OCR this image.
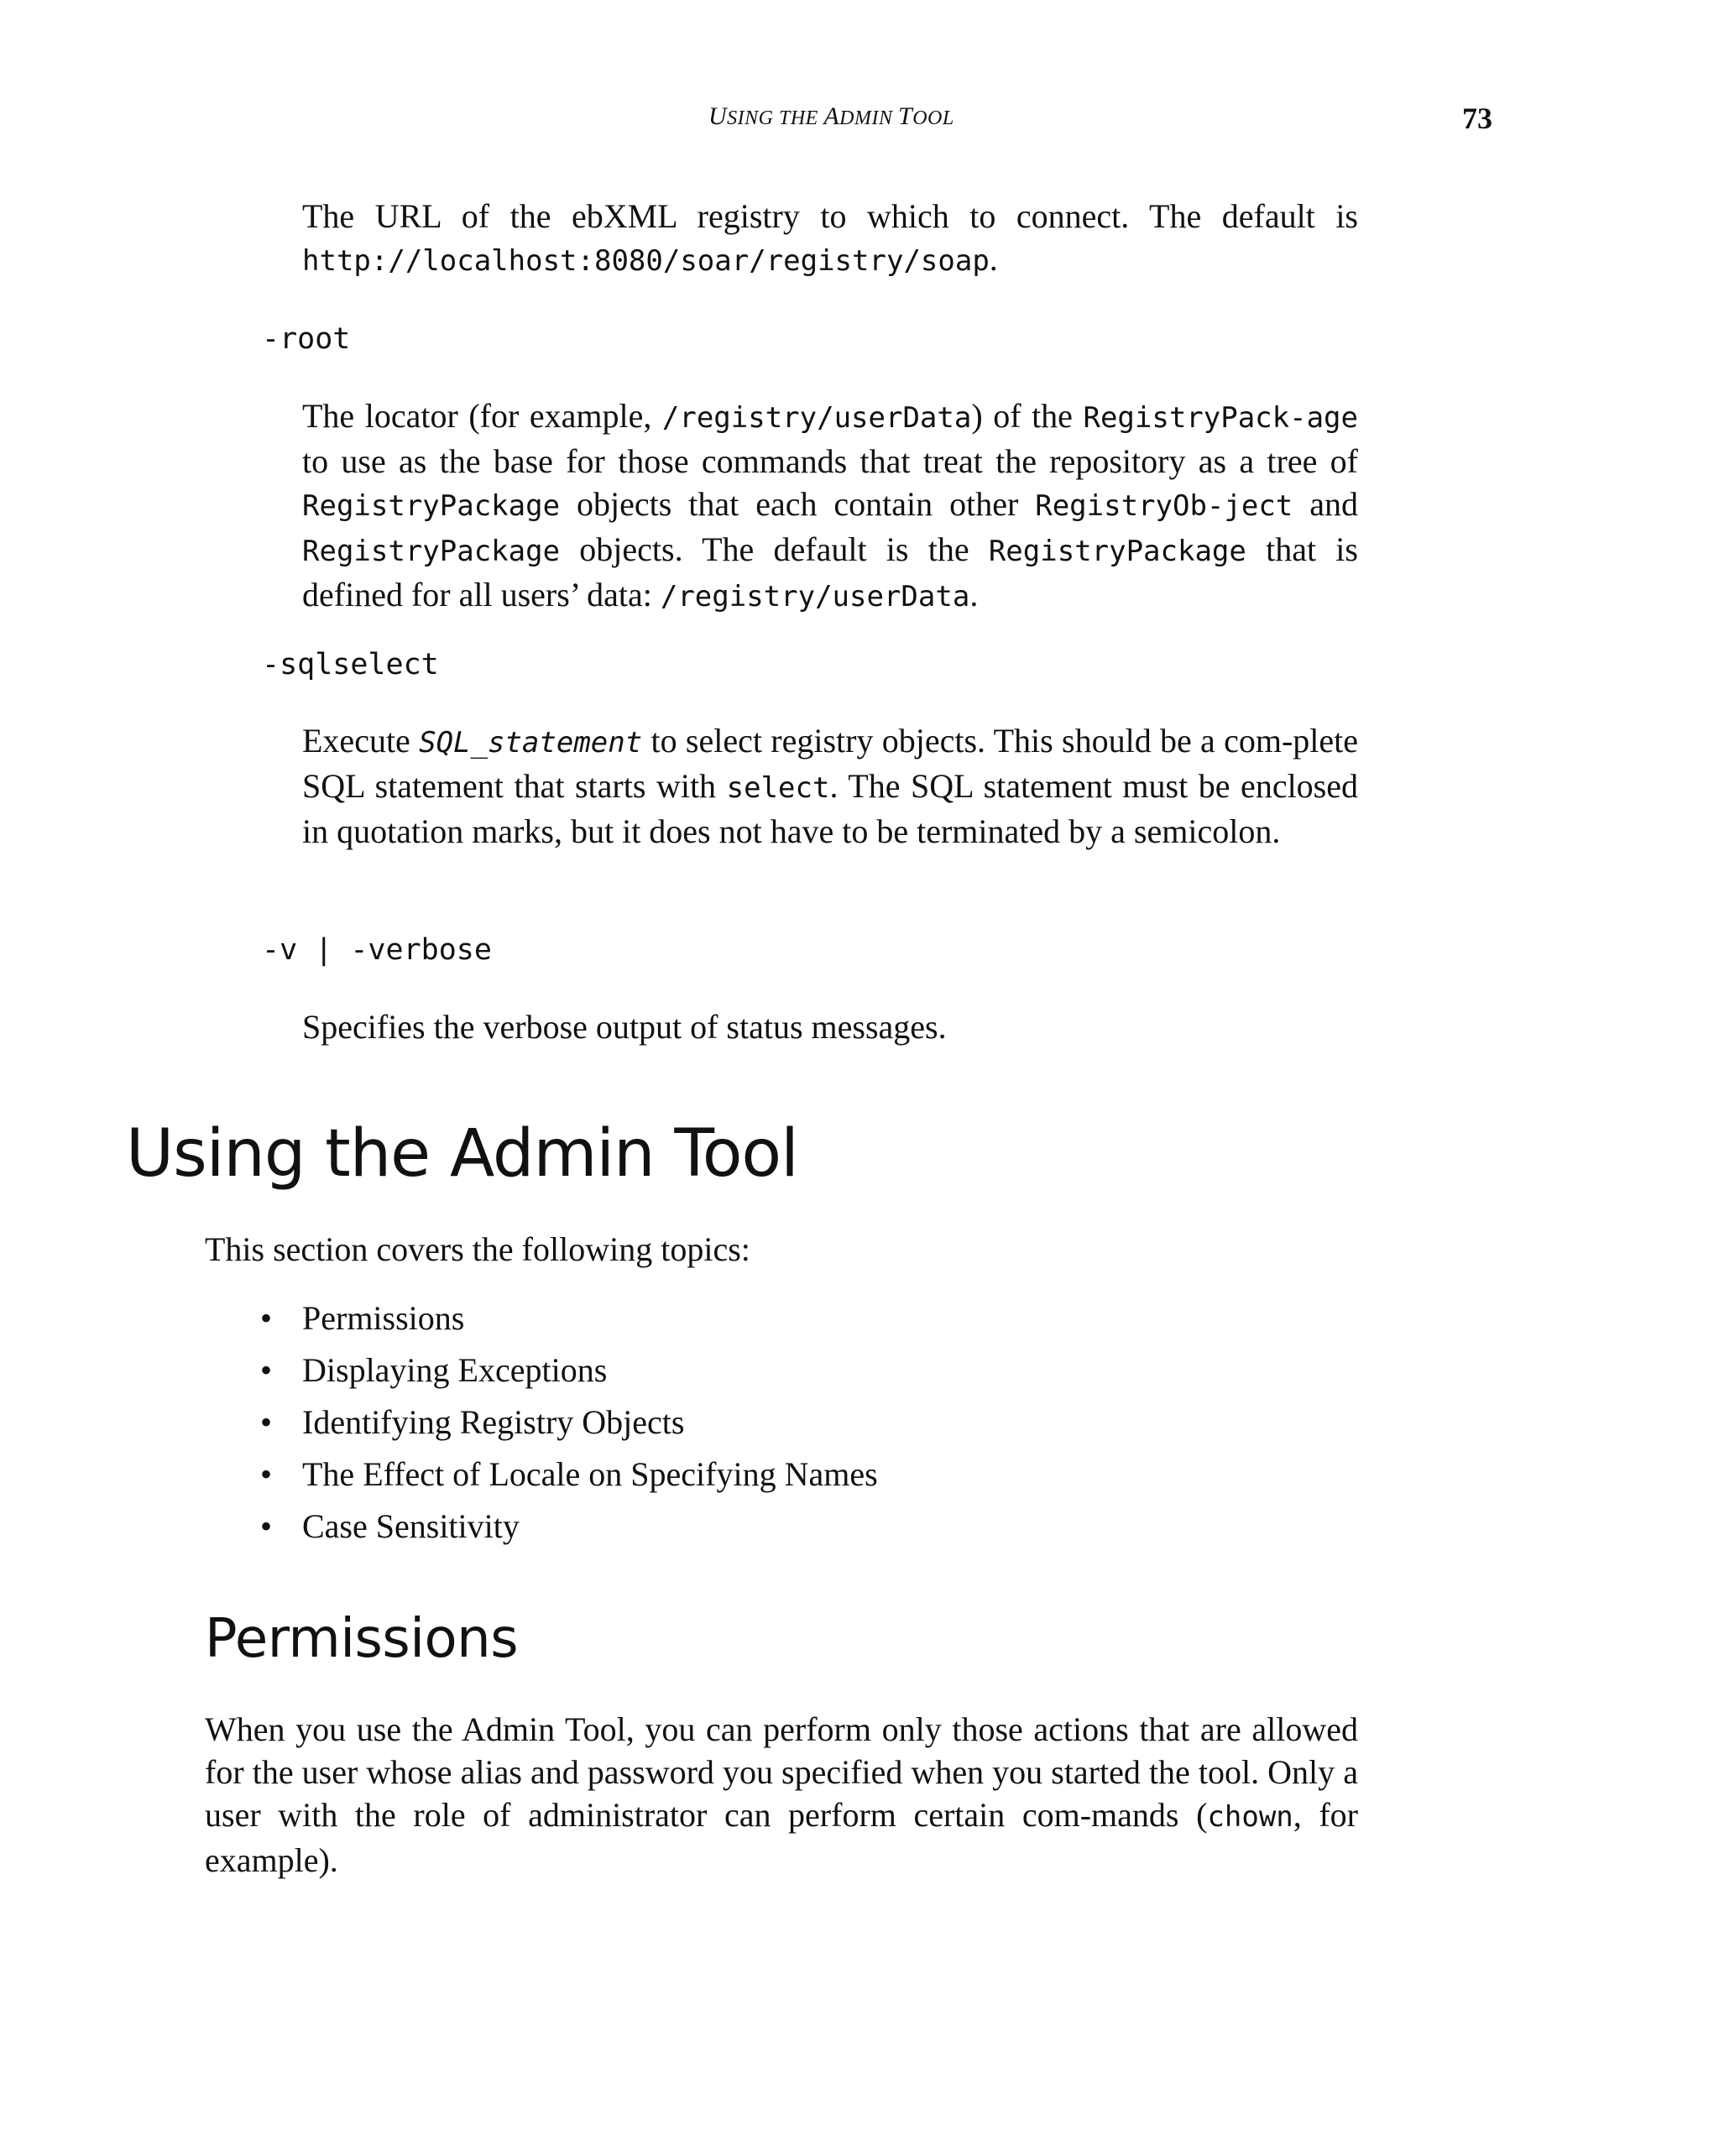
USING THE ADMIN TOOL	73

The URL of the ebXML registry to which to connect. The default is http://localhost:8080/soar/registry/soap.

-root

The locator (for example, /registry/userData) of the RegistryPack-age to use as the base for those commands that treat the repository as a tree of RegistryPackage objects that each contain other RegistryOb-ject and RegistryPackage objects. The default is the RegistryPackage that is defined for all users’ data: /registry/userData.

-sqlselect

Execute SQL_statement to select registry objects. This should be a com-plete SQL statement that starts with select. The SQL statement must be enclosed in quotation marks, but it does not have to be terminated by a semicolon.

-v | -verbose

Specifies the verbose output of status messages.

Using the Admin Tool

This section covers the following topics:

• Permissions
• Displaying Exceptions
• Identifying Registry Objects
• The Effect of Locale on Specifying Names
• Case Sensitivity
Permissions

When you use the Admin Tool, you can perform only those actions that are allowed for the user whose alias and password you specified when you started the tool. Only a user with the role of administrator can perform certain com-mands (chown, for example).
